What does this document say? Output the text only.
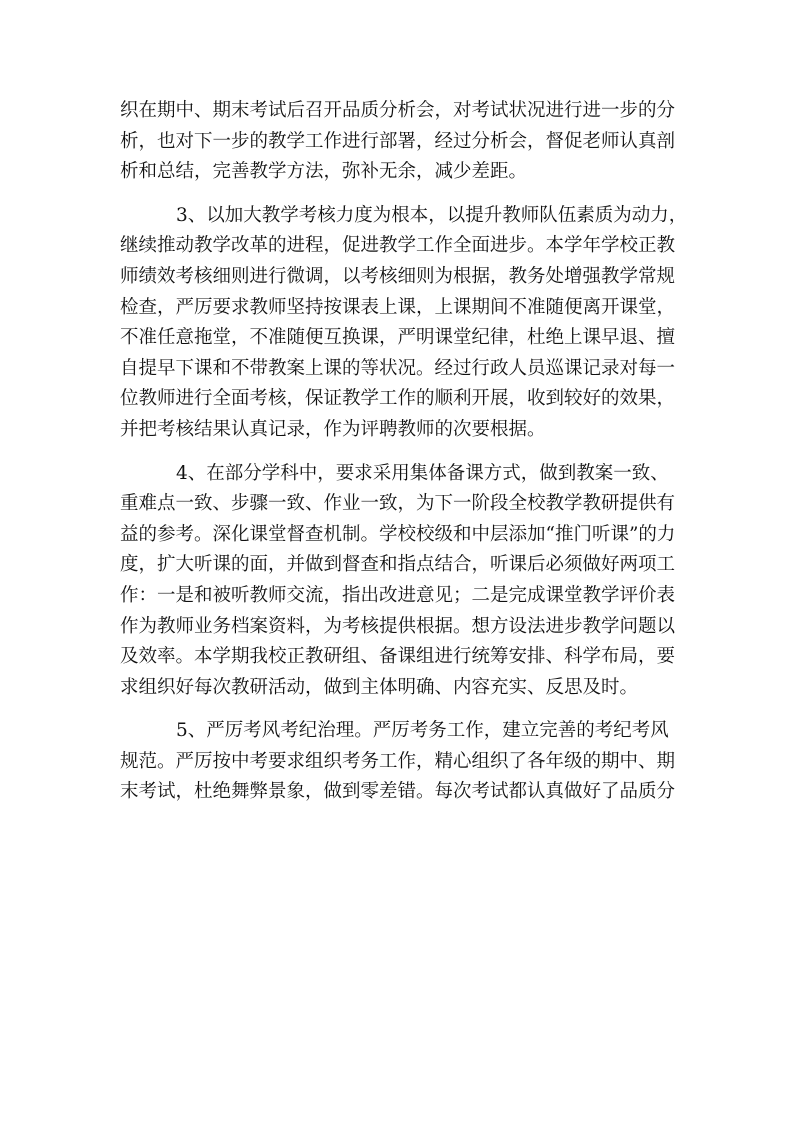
织在期中、期末考试后召开品质分析会，对考试状况进行进一步的分
析，也对下一步的教学工作进行部署，经过分析会，督促老师认真剖
析和总结，完善教学方法，弥补无余，减少差距。
3、以加大教学考核力度为根本，以提升教师队伍素质为动力，
继续推动教学改革的进程，促进教学工作全面进步。本学年学校正教
师绩效考核细则进行微调，以考核细则为根据，教务处增强教学常规
检查，严厉要求教师坚持按课表上课，上课期间不准随便离开课堂，
不准任意拖堂，不准随便互换课，严明课堂纪律，杜绝上课早退、擅
自提早下课和不带教案上课的等状况。经过行政人员巡课记录对每一
位教师进行全面考核，保证教学工作的顺利开展，收到较好的效果，
并把考核结果认真记录，作为评聘教师的次要根据。
4、在部分学科中，要求采用集体备课方式，做到教案一致、
重难点一致、步骤一致、作业一致，为下一阶段全校教学教研提供有
益的参考。深化课堂督查机制。学校校级和中层添加“推门听课”的力
度，扩大听课的面，并做到督查和指点结合，听课后必须做好两项工
作：一是和被听教师交流，指出改进意见；二是完成课堂教学评价表
作为教师业务档案资料，为考核提供根据。想方设法进步教学问题以
及效率。本学期我校正教研组、备课组进行统筹安排、科学布局，要
求组织好每次教研活动，做到主体明确、内容充实、反思及时。
5、严厉考风考纪治理。严厉考务工作，建立完善的考纪考风
规范。严厉按中考要求组织考务工作，精心组织了各年级的期中、期
末考试，杜绝舞弊景象，做到零差错。每次考试都认真做好了品质分
